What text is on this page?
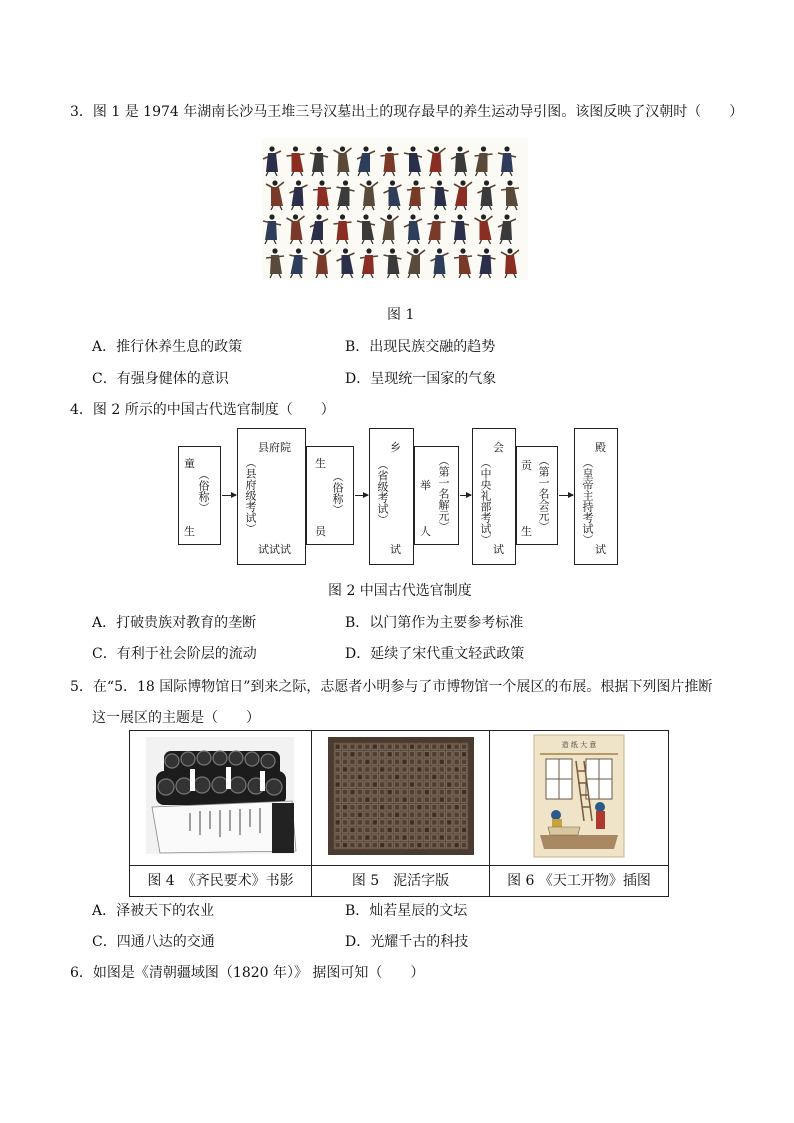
3．图 1 是 1974 年湖南长沙马王堆三号汉墓出土的现存最早的养生运动导引图。该图反映了汉朝时（　　）
图 1
A．推行休养生息的政策	B．出现民族交融的趋势
C．有强身健体的意识	D．呈现统一国家的气象
4．图 2 所示的中国古代选官制度（　　）
童
（俗称）
生
县府院
（县府级考试）
试试试
生
（俗称）
员
乡
（省级考试）
试
举 （第一名解元）
人
会
（中央礼部考试）
试
贡 （第一名会元）
生
殿
（皇帝主持考试）
试
图 2 中国古代选官制度
A．打破贵族对教育的垄断	B．以门第作为主要参考标准
C．有利于社会阶层的流动	D．延续了宋代重文轻武政策
5．在“5．18 国际博物馆日”到来之际，志愿者小明参与了市博物馆一个展区的布展。根据下列图片推断
这一展区的主题是（　　）

造 纸 大 意

图 4　《齐民要术》书影	图 5　泥活字版	图 6 《天工开物》插图
A．泽被天下的农业	B．灿若星辰的文坛
C．四通八达的交通	D．光耀千古的科技
6．如图是《清朝疆域图（1820 年）》 据图可知（　　）
